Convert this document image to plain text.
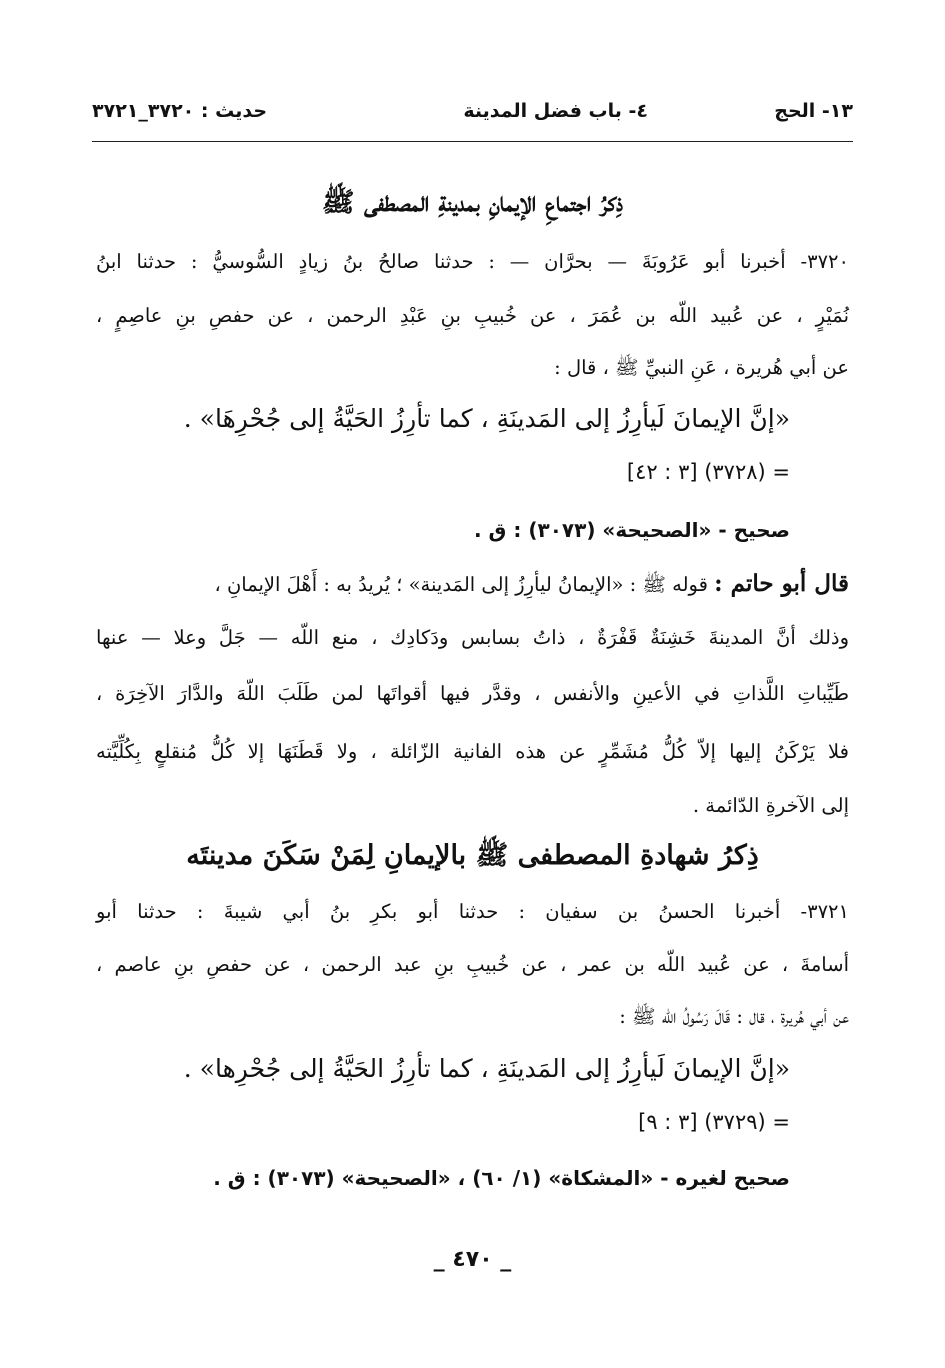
١٣- الحج
٤- باب فضل المدينة
حديث : ٣٧٢٠_٣٧٢١
ذِكرُ اجتماعِ الإيمانِ بمدينةِ المصطفى ﷺ
٣٧٢٠- أخبرنا أبو عَرُوبَةَ — بحرَّان — : حدثنا صالحُ بنُ زيادٍ السُّوسيُّ : حدثنا ابنُ
نُمَيْرٍ ، عن عُبيد اللّه بن عُمَرَ ، عن خُبيبِ بنِ عَبْدِ الرحمن ، عن حفصِ بنِ عاصِمٍ ،
عن أبي هُريرة ، عَنِ النبيِّ ﷺ ، قال :
«إنَّ الإيمانَ لَيأرِزُ إلى المَدينَةِ ، كما تأرِزُ الحَيَّةُ إلى جُحْرِهَا» .
= (٣٧٢٨) [٣ : ٤٢]
صحيح - «الصحيحة» (٣٠٧٣) : ق .
قال أبو حاتم : قوله ﷺ : «الإيمانُ ليأرِزُ إلى المَدينة» ؛ يُريدُ به : أَهْلَ الإيمانِ ،
وذلك أنَّ المدينةَ خَشِنَةٌ قَفْرَةٌ ، ذاتُ بسابس ودَكادِك ، منع اللّه — جَلَّ وعلا — عنها
طَيِّباتِ اللَّذاتِ في الأعينِ والأنفس ، وقدَّر فيها أقواتَها لمن طَلَبَ اللّهَ والدَّارَ الآخِرَة ،
فلا يَرْكَنُ إليها إلاّ كُلُّ مُشَمِّرٍ عن هذه الفانية الزّائلة ، ولا قَطَنَهَا إلا كُلُّ مُنقلعٍ بِكُلِّيَّته
إلى الآخرةِ الدّائمة .
ذِكرُ شهادةِ المصطفى ﷺ بالإيمانِ لِمَنْ سَكَنَ مدينتَه
٣٧٢١- أخبرنا الحسنُ بن سفيان : حدثنا أبو بكرِ بنُ أبي شيبةَ : حدثنا أبو
أسامةَ ، عن عُبيد اللّه بن عمر ، عن خُبيبِ بنِ عبد الرحمن ، عن حفصِ بنِ عاصم ،
عن أبي هُريرة ، قال : قَالَ رَسُولُ اللّه ﷺ :
«إنَّ الإيمانَ لَيأرِزُ إلى المَدينَةِ ، كما تأرِزُ الحَيَّةُ إلى جُحْرِها» .
= (٣٧٢٩) [٣ : ٩]
صحيح لغيره - «المشكاة» (١/ ٦٠) ، «الصحيحة» (٣٠٧٣) : ق .
_ ٤٧٠ _
